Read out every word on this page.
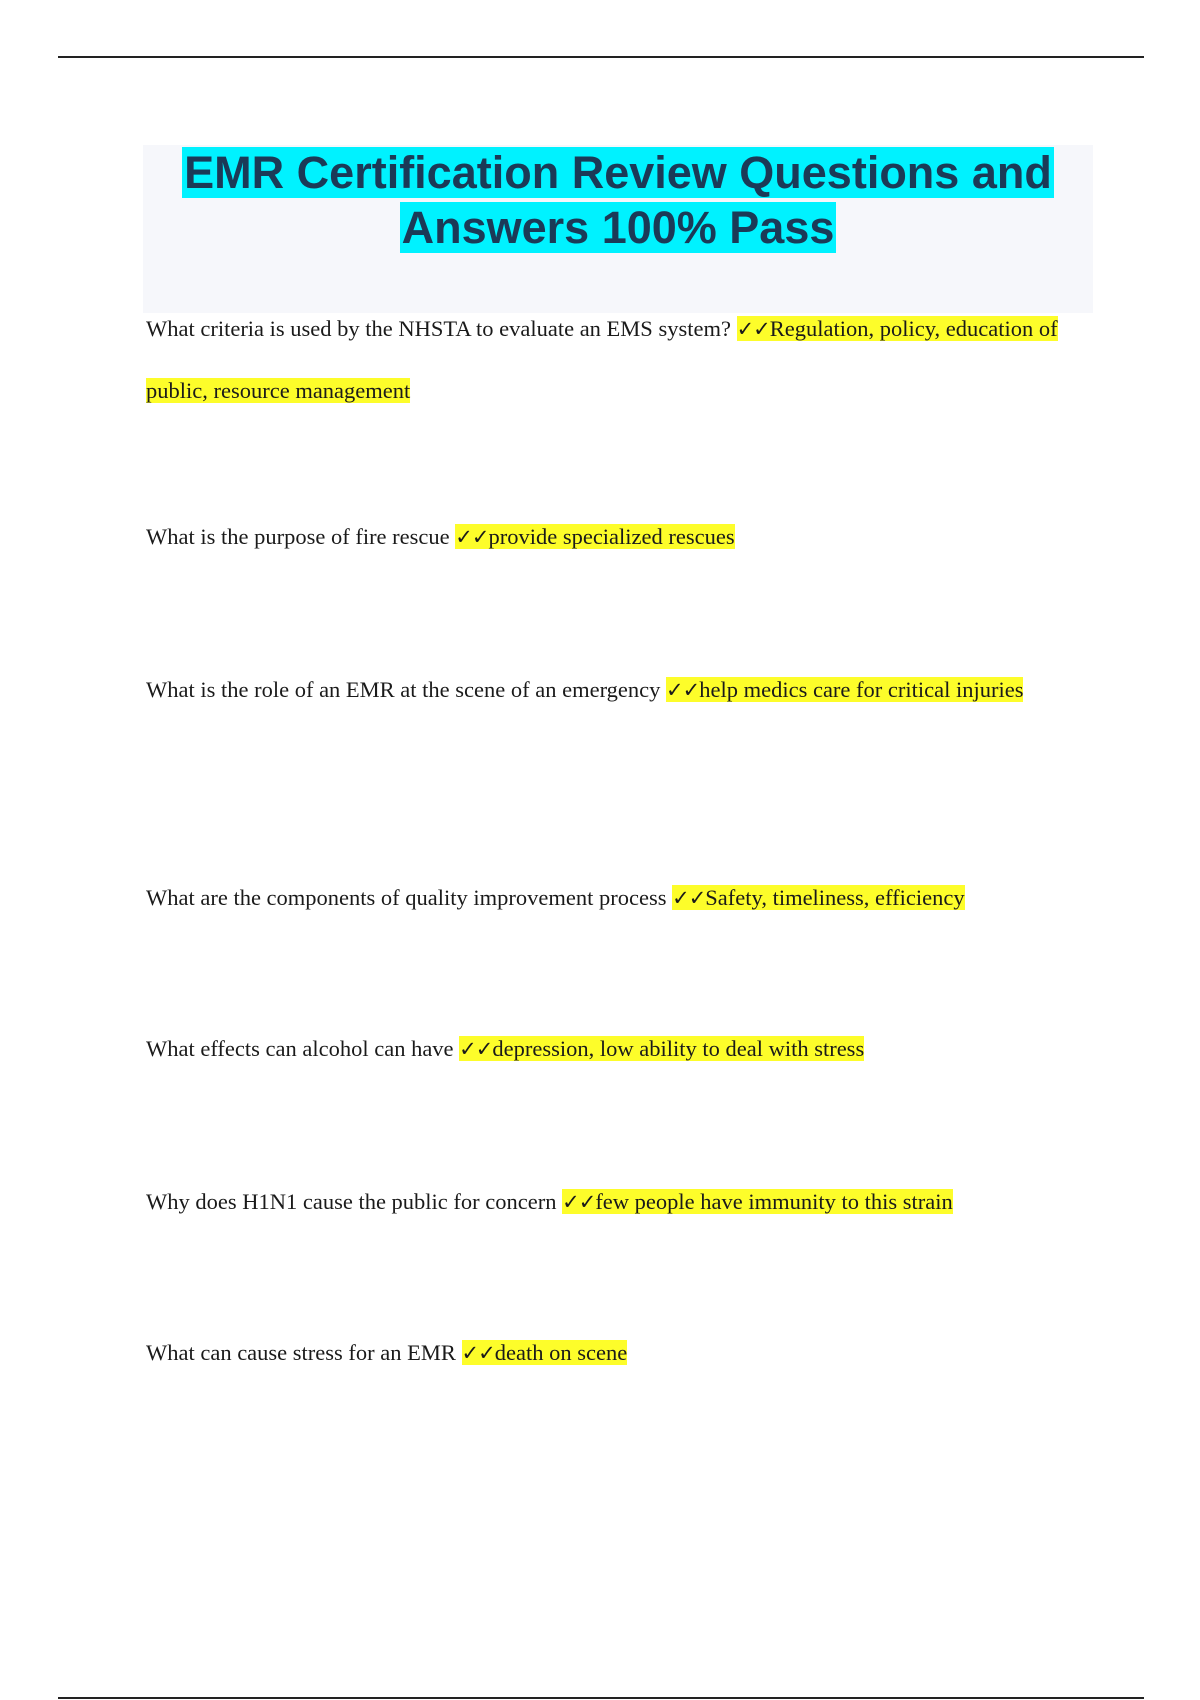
EMR Certification Review Questions and
Answers 100% Pass

What criteria is used by the NHSTA to evaluate an EMS system? ✓✓Regulation, policy, education of public, resource management

What is the purpose of fire rescue ✓✓provide specialized rescues

What is the role of an EMR at the scene of an emergency ✓✓help medics care for critical injuries

What are the components of quality improvement process ✓✓Safety, timeliness, efficiency

What effects can alcohol can have ✓✓depression, low ability to deal with stress

Why does H1N1 cause the public for concern ✓✓few people have immunity to this strain

What can cause stress for an EMR ✓✓death on scene
